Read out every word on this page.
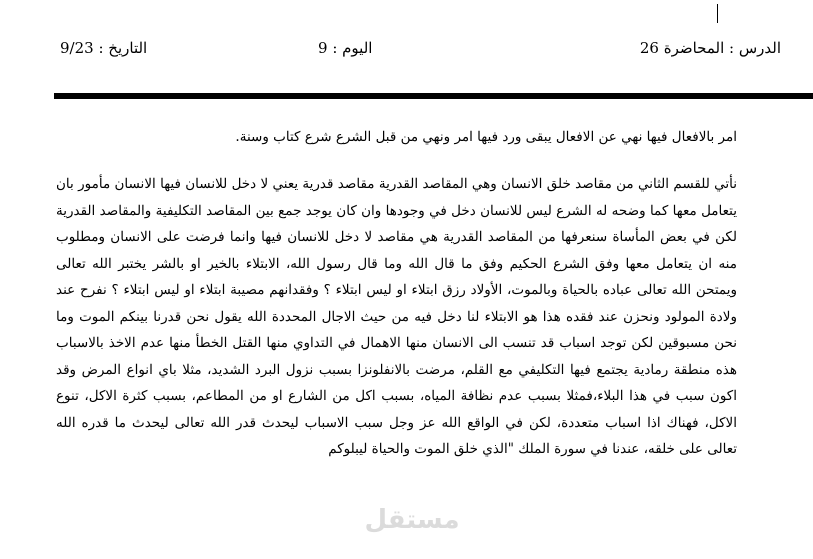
الدرس : المحاضرة 26
اليوم : 9
التاريخ : 9/23

امر بالافعال فيها نهي عن الافعال يبقى ورد فيها امر ونهي من قبل الشرع شرع كتاب وسنة.

نأتي للقسم الثاني من مقاصد خلق الانسان وهي المقاصد القدرية مقاصد قدرية يعني لا دخل للانسان فيها الانسان مأمور بان يتعامل معها كما وضحه له الشرع ليس للانسان دخل في وجودها وان كان يوجد جمع بين المقاصد التكليفية والمقاصد القدرية لكن في بعض المأساة سنعرفها من المقاصد القدرية هي مقاصد لا دخل للانسان فيها وانما فرضت على الانسان ومطلوب منه ان يتعامل معها وفق الشرع الحكيم وفق ما قال الله وما قال رسول الله، الابتلاء بالخير او بالشر يختبر الله تعالى ويمتحن الله تعالى عباده بالحياة وبالموت، الأولاد رزق ابتلاء او ليس ابتلاء ؟ وفقدانهم مصيبة ابتلاء او ليس ابتلاء ؟ نفرح عند ولادة المولود ونحزن عند فقده هذا هو الابتلاء لنا دخل فيه من حيث الاجال المحددة الله يقول نحن قدرنا بينكم الموت وما نحن مسبوقين لكن توجد اسباب قد تنسب الى الانسان منها الاهمال في التداوي منها القتل الخطأ منها عدم الاخذ بالاسباب هذه منطقة رمادية يجتمع فيها التكليفي مع القلم، مرضت بالانفلونزا بسبب نزول البرد الشديد، مثلا باي انواع المرض وقد اكون سبب في هذا البلاء،فمثلا بسبب عدم نظافة المياه، بسبب اكل من الشارع او من المطاعم، بسبب كثرة الاكل، تنوع الاكل، فهناك اذا اسباب متعددة، لكن في الواقع الله عز وجل سبب الاسباب ليحدث قدر الله تعالى ليحدث ما قدره الله تعالى على خلقه، عندنا في سورة الملك "الذي خلق الموت والحياة ليبلوكم

مستقل
